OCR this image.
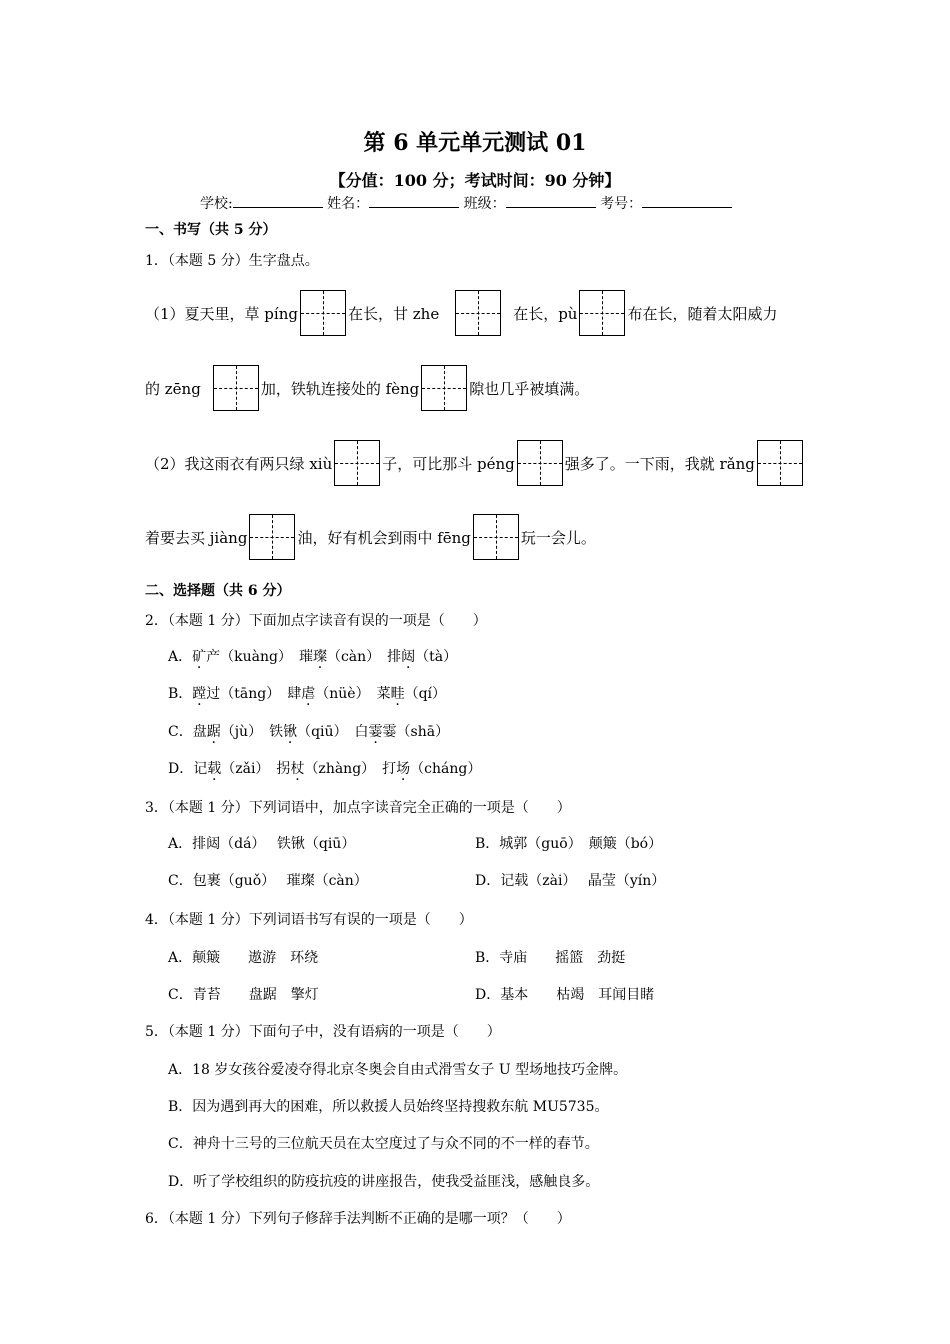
第 6 单元单元测试 01
【分值：100 分；考试时间：90 分钟】
学校:	姓名：	班级：	考号：
一、书写（共 5 分）
1．（本题 5 分）生字盘点。
（1）夏天里，草 píng	在长，甘 zhe	在长，pù	布在长，随着太阳威力
的 zēng	加，铁轨连接处的 fèng	隙也几乎被填满。
（2）我这雨衣有两只绿 xiù	子，可比那斗 péng	强多了。一下雨，我就 rǎng
着要去买 jiàng	油，好有机会到雨中 fēng	玩一会儿。
二、选择题（共 6 分）
2．（本题 1 分）下面加点字读音有误的一项是（　　）
A．矿产（kuàng）　璀璨（càn）　排闼（tà）
B．蹚过（tāng）　肆虐（nüè）　菜畦（qí）
C．盘踞（jù）　铁锹（qiū）　白霎霎（shā）
D．记载（zǎi）　拐杖（zhàng）　打场（cháng）
3．（本题 1 分）下列词语中，加点字读音完全正确的一项是（　　）
A．排闼（dá）　 铁锹（qiū）	B．城郭（guō）　颠簸（bó）
C．包裹（guǒ）　 璀璨（càn）	D．记载（zài）　 晶莹（yín）
4．（本题 1 分）下列词语书写有误的一项是（　　）
A．颠簸　　遨游　环绕	B．寺庙　　摇篮　劲挺
C．青苔　　盘踞　擎灯	D．基本　　枯竭　耳闻目睹
5．（本题 1 分）下面句子中，没有语病的一项是（　　）
A．18 岁女孩谷爱凌夺得北京冬奥会自由式滑雪女子 U 型场地技巧金牌。
B．因为遇到再大的困难，所以救援人员始终坚持搜救东航 MU5735。
C．神舟十三号的三位航天员在太空度过了与众不同的不一样的春节。
D．听了学校组织的防疫抗疫的讲座报告，使我受益匪浅，感触良多。
6．（本题 1 分）下列句子修辞手法判断不正确的是哪一项？（　　）
